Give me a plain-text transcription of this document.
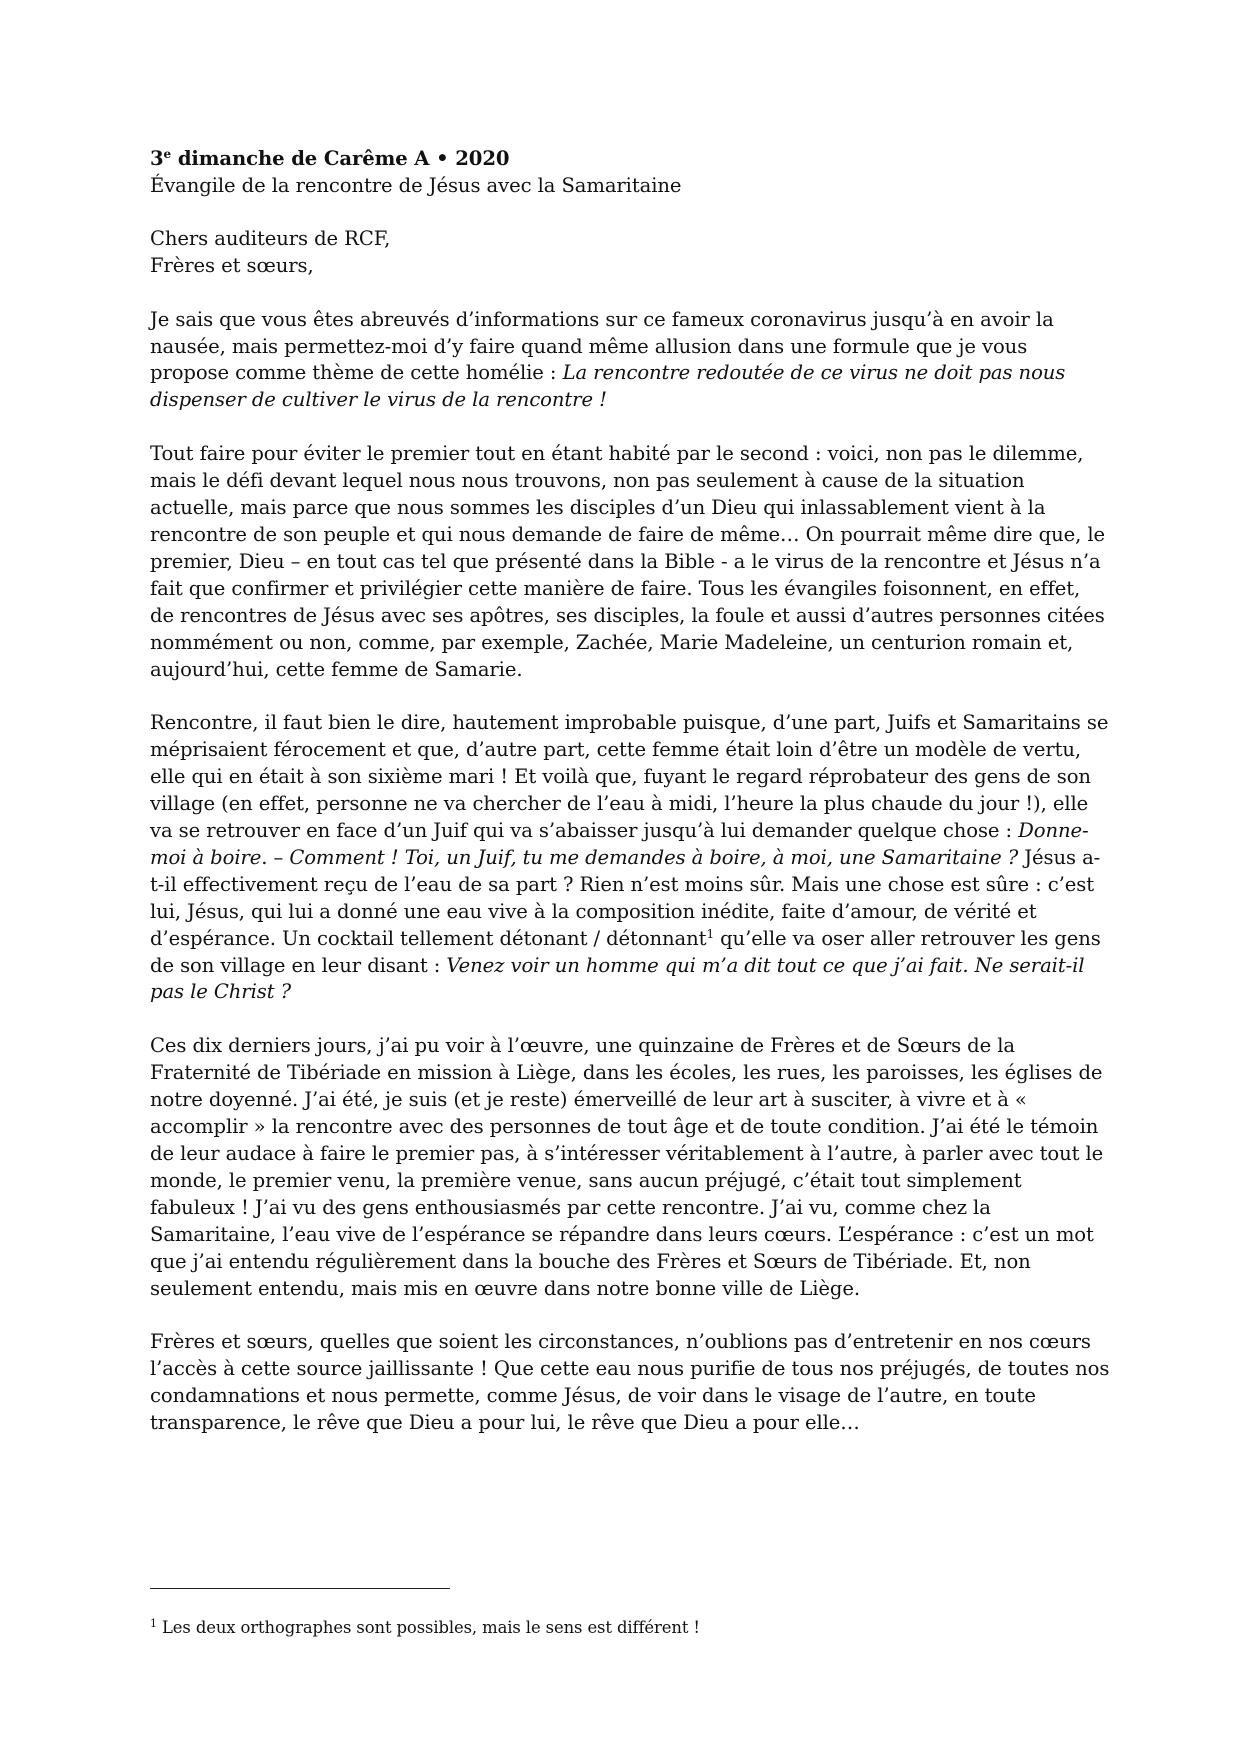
3e dimanche de Carême A • 2020

Évangile de la rencontre de Jésus avec la Samaritaine

Chers auditeurs de RCF,

Frères et sœurs,

Je sais que vous êtes abreuvés d’informations sur ce fameux coronavirus jusqu’à en avoir la nausée, mais permettez-moi d’y faire quand même allusion dans une formule que je vous propose comme thème de cette homélie : La rencontre redoutée de ce virus ne doit pas nous dispenser de cultiver le virus de la rencontre !

Tout faire pour éviter le premier tout en étant habité par le second : voici, non pas le dilemme, mais le défi devant lequel nous nous trouvons, non pas seulement à cause de la situation actuelle, mais parce que nous sommes les disciples d’un Dieu qui inlassablement vient à la rencontre de son peuple et qui nous demande de faire de même… On pourrait même dire que, le premier, Dieu – en tout cas tel que présenté dans la Bible - a le virus de la rencontre et Jésus n’a fait que confirmer et privilégier cette manière de faire. Tous les évangiles foisonnent, en effet, de rencontres de Jésus avec ses apôtres, ses disciples, la foule et aussi d’autres personnes citées nommément ou non, comme, par exemple, Zachée, Marie Madeleine, un centurion romain et, aujourd’hui, cette femme de Samarie.

Rencontre, il faut bien le dire, hautement improbable puisque, d’une part, Juifs et Samaritains se méprisaient férocement et que, d’autre part, cette femme était loin d’être un modèle de vertu, elle qui en était à son sixième mari ! Et voilà que, fuyant le regard réprobateur des gens de son village (en effet, personne ne va chercher de l’eau à midi, l’heure la plus chaude du jour !), elle va se retrouver en face d’un Juif qui va s’abaisser jusqu’à lui demander quelque chose : Donne-moi à boire. – Comment ! Toi, un Juif, tu me demandes à boire, à moi, une Samaritaine ? Jésus a-t-il effectivement reçu de l’eau de sa part ? Rien n’est moins sûr. Mais une chose est sûre : c’est lui, Jésus, qui lui a donné une eau vive à la composition inédite, faite d’amour, de vérité et d’espérance. Un cocktail tellement détonant / détonnant$^1$ qu’elle va oser aller retrouver les gens de son village en leur disant : Venez voir un homme qui m’a dit tout ce que j’ai fait. Ne serait-il pas le Christ ?

Ces dix derniers jours, j’ai pu voir à l’œuvre, une quinzaine de Frères et de Sœurs de la Fraternité de Tibériade en mission à Liège, dans les écoles, les rues, les paroisses, les églises de notre doyenné. J’ai été, je suis (et je reste) émerveillé de leur art à susciter, à vivre et à « accomplir » la rencontre avec des personnes de tout âge et de toute condition. J’ai été le témoin de leur audace à faire le premier pas, à s’intéresser véritablement à l’autre, à parler avec tout le monde, le premier venu, la première venue, sans aucun préjugé, c’était tout simplement fabuleux ! J’ai vu des gens enthousiasmés par cette rencontre. J’ai vu, comme chez la Samaritaine, l’eau vive de l’espérance se répandre dans leurs cœurs. L’espérance : c’est un mot que j’ai entendu régulièrement dans la bouche des Frères et Sœurs de Tibériade. Et, non seulement entendu, mais mis en œuvre dans notre bonne ville de Liège.

Frères et sœurs, quelles que soient les circonstances, n’oublions pas d’entretenir en nos cœurs l’accès à cette source jaillissante ! Que cette eau nous purifie de tous nos préjugés, de toutes nos condamnations et nous permette, comme Jésus, de voir dans le visage de l’autre, en toute transparence, le rêve que Dieu a pour lui, le rêve que Dieu a pour elle…

$^1$ Les deux orthographes sont possibles, mais le sens est différent !
